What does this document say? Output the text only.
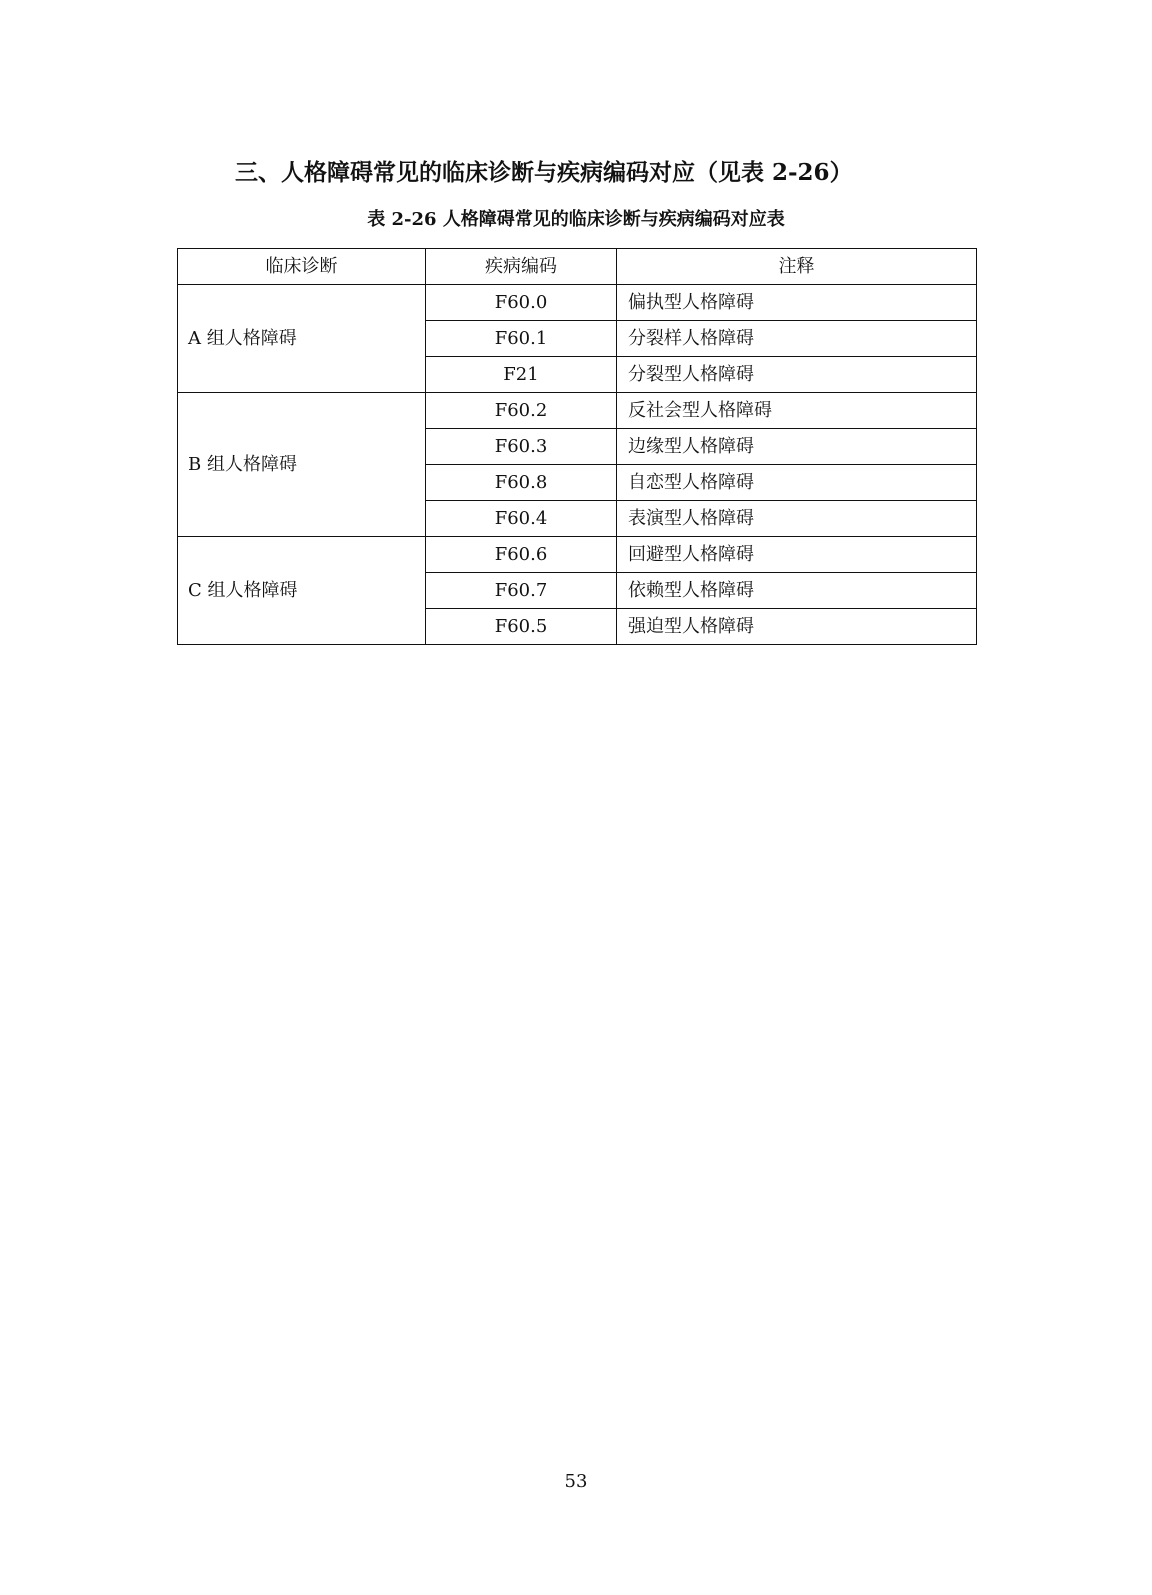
三、人格障碍常见的临床诊断与疾病编码对应（见表 2-26）
表 2-26 人格障碍常见的临床诊断与疾病编码对应表
临床诊断	疾病编码	注释
A 组人格障碍	F60.0	偏执型人格障碍
	F60.1	分裂样人格障碍
	F21	分裂型人格障碍
B 组人格障碍	F60.2	反社会型人格障碍
	F60.3	边缘型人格障碍
	F60.8	自恋型人格障碍
	F60.4	表演型人格障碍
C 组人格障碍	F60.6	回避型人格障碍
	F60.7	依赖型人格障碍
	F60.5	强迫型人格障碍
53
